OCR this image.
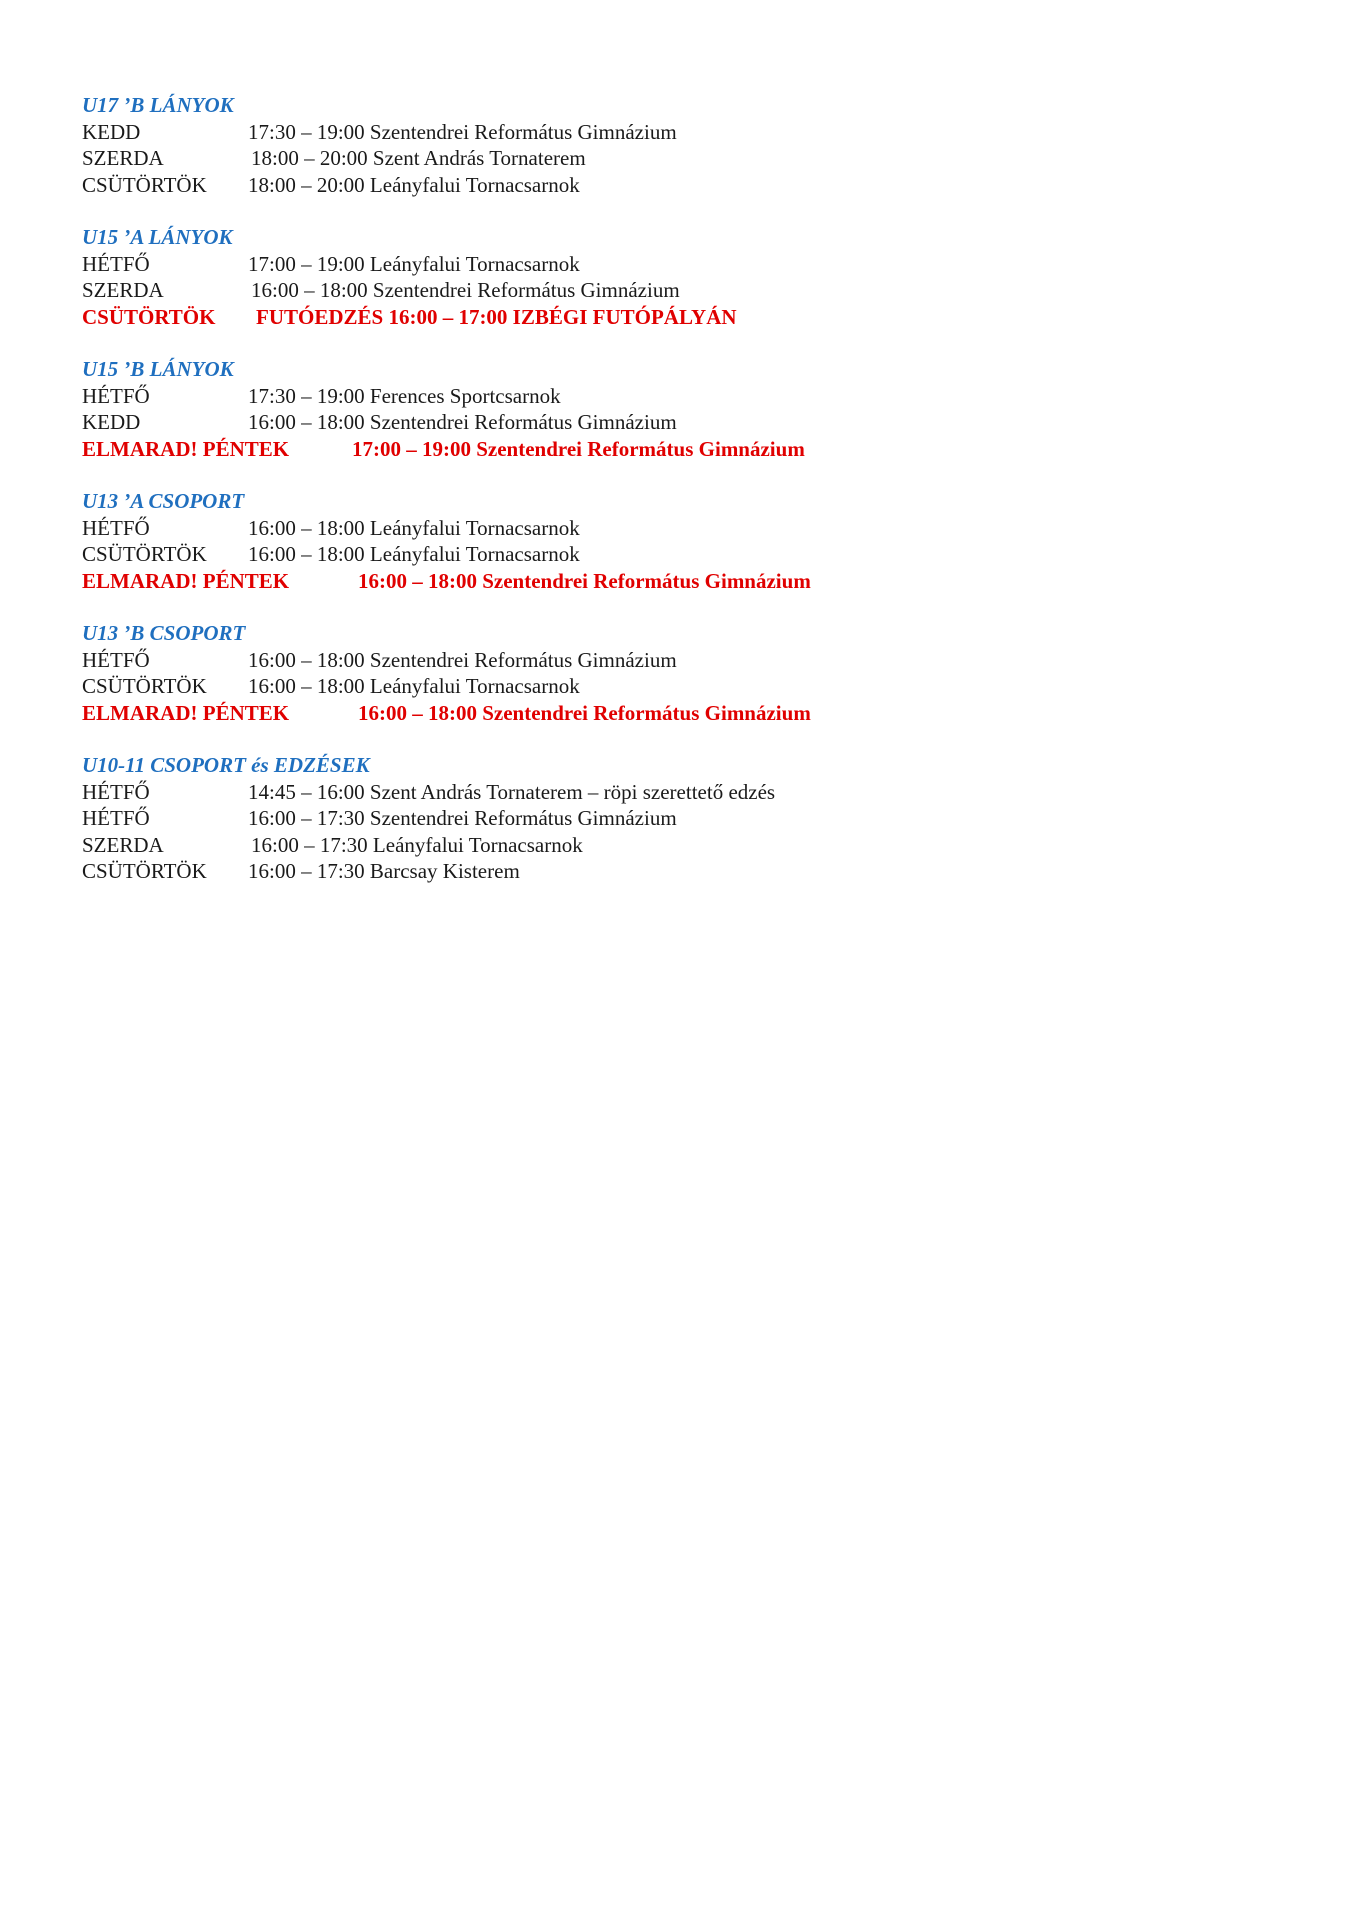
U17 ’B LÁNYOK
KEDD	17:30 – 19:00 Szentendrei Református Gimnázium
SZERDA	18:00 – 20:00 Szent András Tornaterem
CSÜTÖRTÖK 18:00 – 20:00 Leányfalui Tornacsarnok
U15 ’A LÁNYOK
HÉTFŐ	17:00 – 19:00 Leányfalui Tornacsarnok
SZERDA	16:00 – 18:00 Szentendrei Református Gimnázium
CSÜTÖRTÖK FUTÓEDZÉS 16:00 – 17:00 IZBÉGI FUTÓPÁLYÁN
U15 ’B LÁNYOK
HÉTFŐ	17:30 – 19:00 Ferences Sportcsarnok
KEDD	16:00 – 18:00 Szentendrei Református Gimnázium
ELMARAD! PÉNTEK	17:00 – 19:00 Szentendrei Református Gimnázium
U13 ’A CSOPORT
HÉTFŐ	16:00 – 18:00 Leányfalui Tornacsarnok
CSÜTÖRTÖK 16:00 – 18:00 Leányfalui Tornacsarnok
ELMARAD! PÉNTEK	16:00 – 18:00 Szentendrei Református Gimnázium
U13 ’B CSOPORT
HÉTFŐ	16:00 – 18:00 Szentendrei Református Gimnázium
CSÜTÖRTÖK 16:00 – 18:00 Leányfalui Tornacsarnok
ELMARAD! PÉNTEK	16:00 – 18:00 Szentendrei Református Gimnázium
U10-11 CSOPORT és EDZÉSEK
HÉTFŐ	14:45 – 16:00 Szent András Tornaterem – röpi szerettető edzés
HÉTFŐ	16:00 – 17:30 Szentendrei Református Gimnázium
SZERDA	16:00 – 17:30 Leányfalui Tornacsarnok
CSÜTÖRTÖK 16:00 – 17:30 Barcsay Kisterem
